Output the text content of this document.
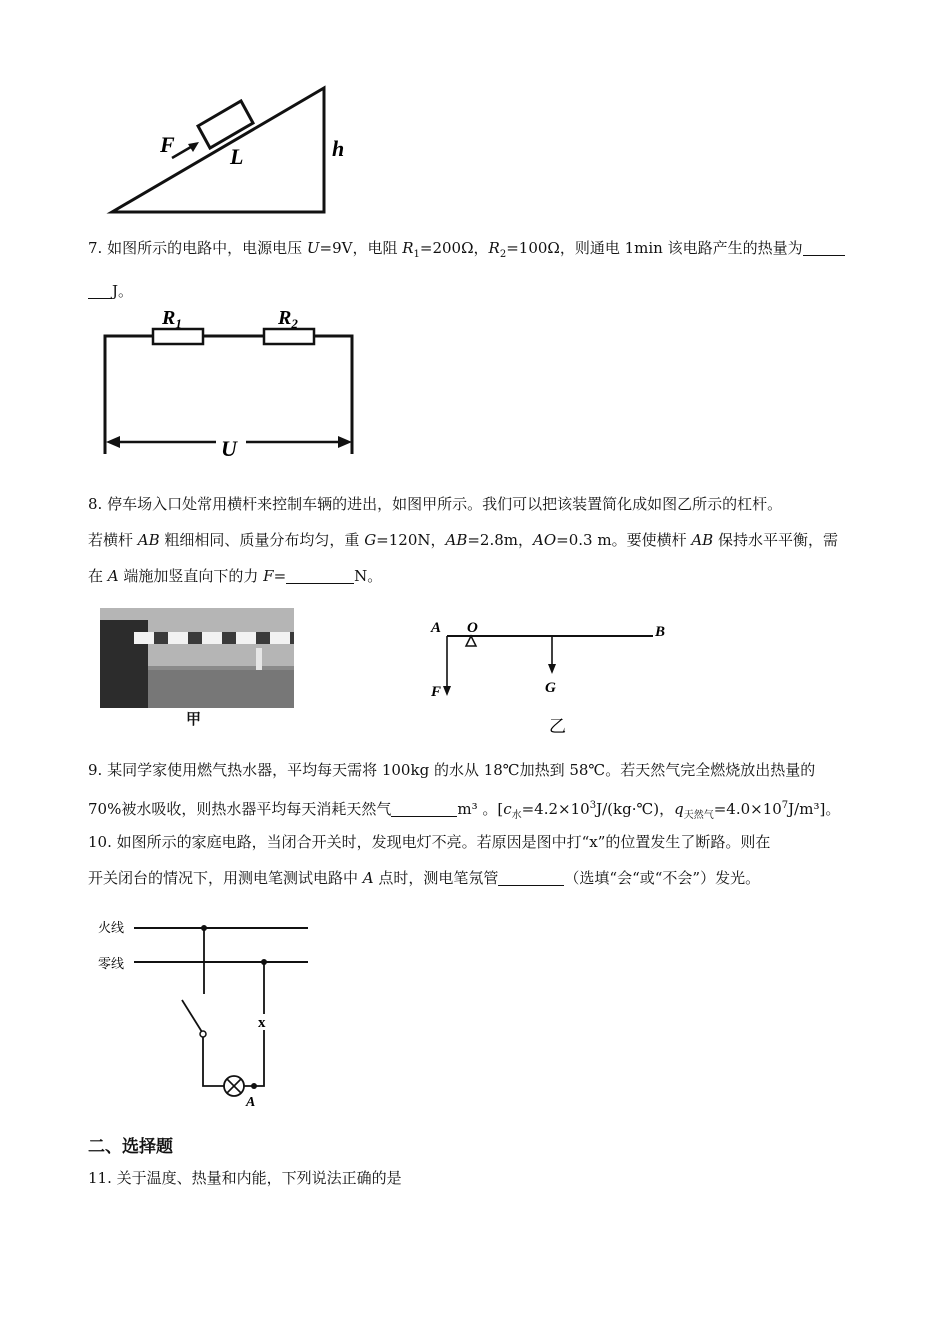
F	L	h
7. 如图所示的电路中，电源电压 U=9V，电阻 $R_1=200\Omega$，$R_2=100\Omega$，则通电 1min 该电路产生的热量为
J。
$R_1$	$R_2$
U
8. 停车场入口处常用横杆来控制车辆的进出，如图甲所示。我们可以把该装置简化成如图乙所示的杠杆。
若横杆 AB 粗细相同、质量分布均匀，重 G=120N，AB=2.8m，AO=0.3 m。要使横杆 AB 保持水平平衡，需
在 A 端施加竖直向下的力 F=	N。
甲
A O	B
F	G
乙
9. 某同学家使用燃气热水器，平均每天需将 100kg 的水从 18℃加热到 58℃。若天然气完全燃烧放出热量的
70%被水吸收，则热水器平均每天消耗天然气	m³ 。[$c_水=4.2\times 10^3J/(kg\cdot℃)$，$q_{天然气}=4.0\times 10^7J/m^3$]。
10. 如图所示的家庭电路，当闭合开关时，发现电灯不亮。若原因是图中打“x”的位置发生了断路。则在
开关闭台的情况下，用测电笔测试电路中 A 点时，测电笔氖管	（选填“会“或“不会”）发光。
火线
零线
x
A
二、选择题
11. 关于温度、热量和内能，下列说法正确的是
